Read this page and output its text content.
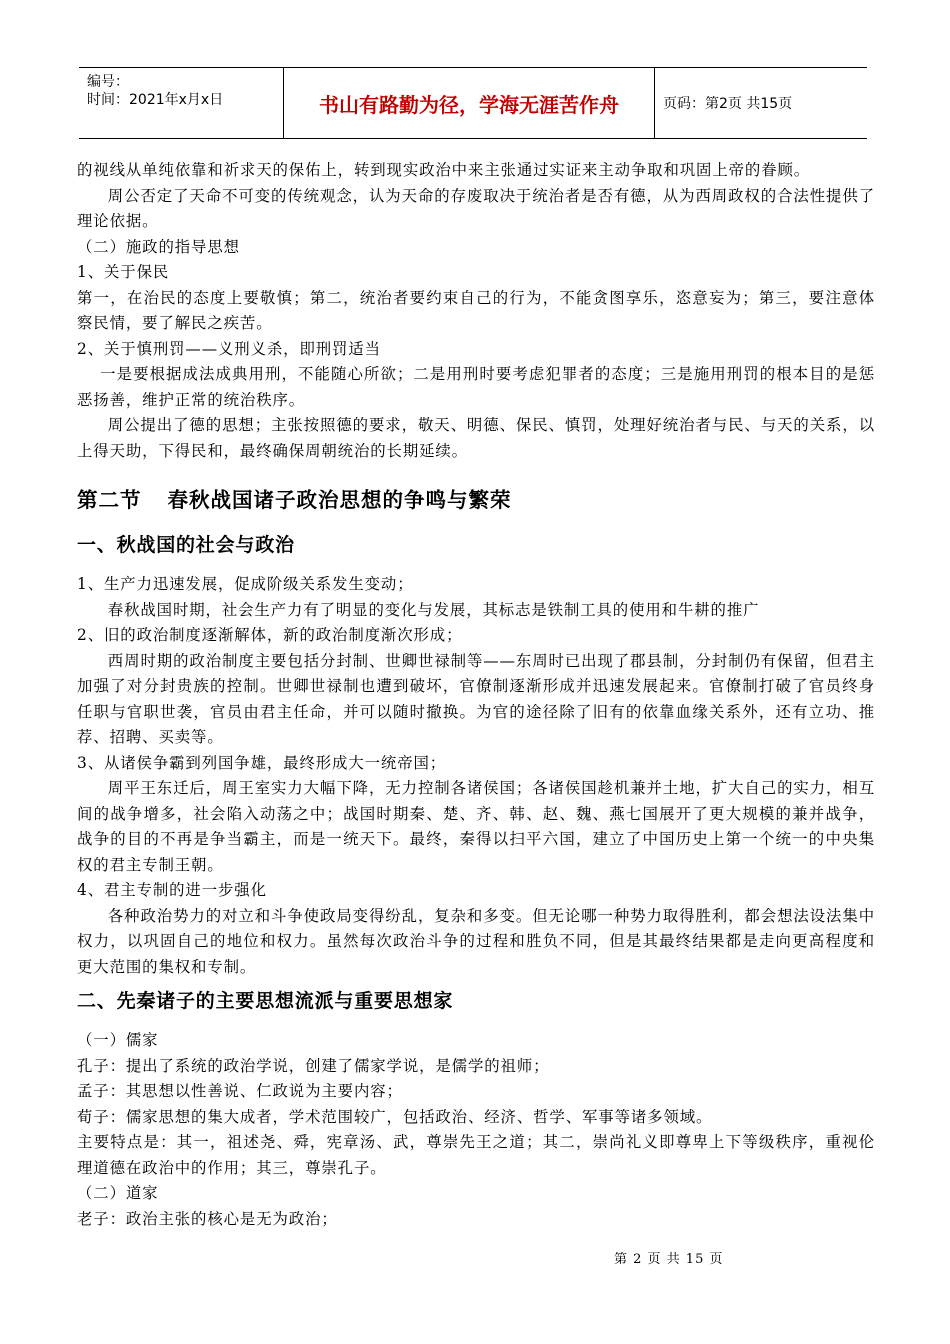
编号：
时间：2021年x月x日	书山有路勤为径，学海无涯苦作舟	页码：第2页 共15页

的视线从单纯依靠和祈求天的保佑上，转到现实政治中来主张通过实证来主动争取和巩固上帝的眷顾。

周公否定了天命不可变的传统观念，认为天命的存废取决于统治者是否有德，从为西周政权的合法性提供了理论依据。

（二）施政的指导思想

1、关于保民

第一，在治民的态度上要敬慎；第二，统治者要约束自己的行为，不能贪图享乐，恣意妄为；第三，要注意体察民情，要了解民之疾苦。

2、关于慎刑罚——义刑义杀，即刑罚适当

一是要根据成法成典用刑，不能随心所欲；二是用刑时要考虑犯罪者的态度；三是施用刑罚的根本目的是惩恶扬善，维护正常的统治秩序。

周公提出了德的思想；主张按照德的要求，敬天、明德、保民、慎罚，处理好统治者与民、与天的关系，以上得天助，下得民和，最终确保周朝统治的长期延续。

第二节 春秋战国诸子政治思想的争鸣与繁荣
一、秋战国的社会与政治

1、生产力迅速发展，促成阶级关系发生变动；

春秋战国时期，社会生产力有了明显的变化与发展，其标志是铁制工具的使用和牛耕的推广

2、旧的政治制度逐渐解体，新的政治制度渐次形成；

西周时期的政治制度主要包括分封制、世卿世禄制等——东周时已出现了郡县制，分封制仍有保留，但君主加强了对分封贵族的控制。世卿世禄制也遭到破坏，官僚制逐渐形成并迅速发展起来。官僚制打破了官员终身任职与官职世袭，官员由君主任命，并可以随时撤换。为官的途径除了旧有的依靠血缘关系外，还有立功、推荐、招聘、买卖等。

3、从诸侯争霸到列国争雄，最终形成大一统帝国；

周平王东迁后，周王室实力大幅下降，无力控制各诸侯国；各诸侯国趁机兼并土地，扩大自己的实力，相互间的战争增多，社会陷入动荡之中；战国时期秦、楚、齐、韩、赵、魏、燕七国展开了更大规模的兼并战争，战争的目的不再是争当霸主，而是一统天下。最终，秦得以扫平六国，建立了中国历史上第一个统一的中央集权的君主专制王朝。

4、君主专制的进一步强化

各种政治势力的对立和斗争使政局变得纷乱，复杂和多变。但无论哪一种势力取得胜利，都会想法设法集中权力，以巩固自己的地位和权力。虽然每次政治斗争的过程和胜负不同，但是其最终结果都是走向更高程度和更大范围的集权和专制。

二、先秦诸子的主要思想流派与重要思想家

（一）儒家

孔子：提出了系统的政治学说，创建了儒家学说，是儒学的祖师；

孟子：其思想以性善说、仁政说为主要内容；

荀子：儒家思想的集大成者，学术范围较广，包括政治、经济、哲学、军事等诸多领域。

主要特点是：其一，祖述尧、舜，宪章汤、武，尊崇先王之道；其二，崇尚礼义即尊卑上下等级秩序，重视伦理道德在政治中的作用；其三，尊崇孔子。

（二）道家

老子：政治主张的核心是无为政治；

第 2 页 共 15 页
